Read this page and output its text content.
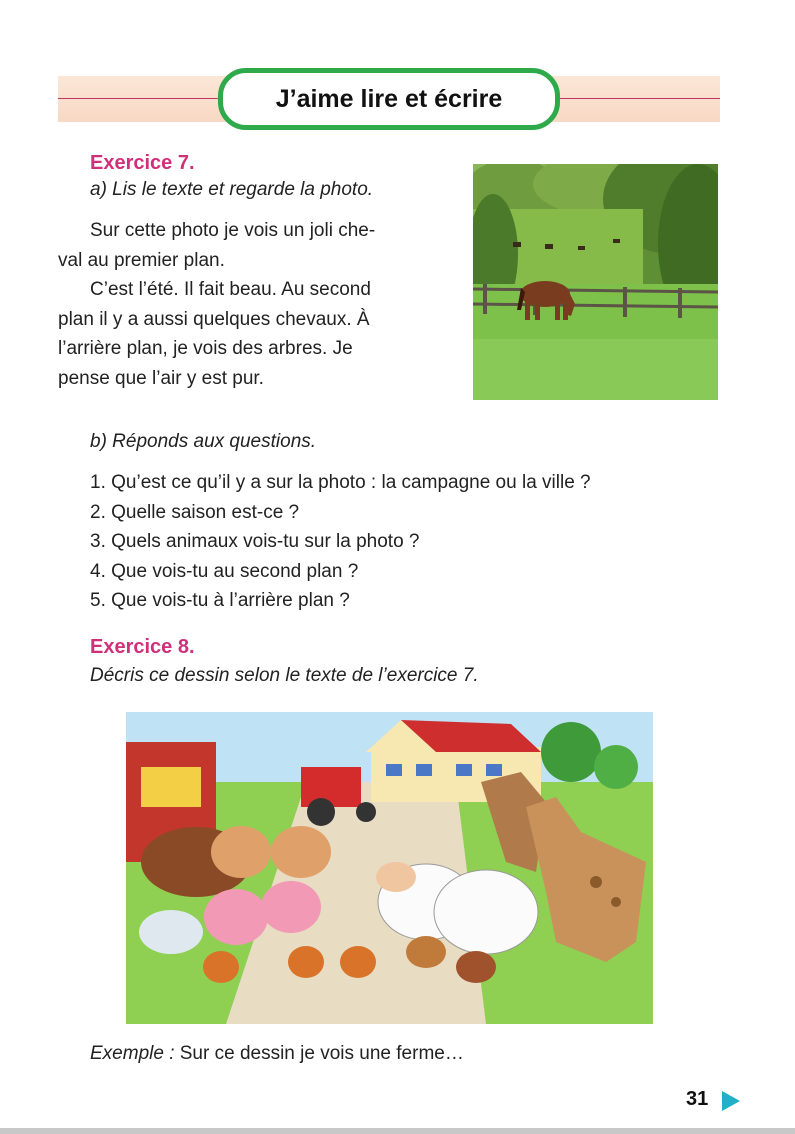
J’aime lire et écrire
Exercice 7.
a) Lis le texte et regarde la photo.
Sur cette photo je vois un joli che-
val au premier plan.
C’est l’été. Il fait beau. Au second
plan il y a aussi quelques chevaux. À
l’arrière plan, je vois des arbres. Je
pense que l’air y est pur.
b) Réponds aux questions.
1. Qu’est ce qu’il y a sur la photo : la campagne ou la ville ?
2. Quelle saison est-ce ?
3. Quels animaux vois-tu sur la photo ?
4. Que vois-tu au second plan ?
5. Que vois-tu à l’arrière plan ?
Exercice 8.
Décris ce dessin selon le texte de l’exercice 7.
Exemple : Sur ce dessin je vois une ferme…
31
